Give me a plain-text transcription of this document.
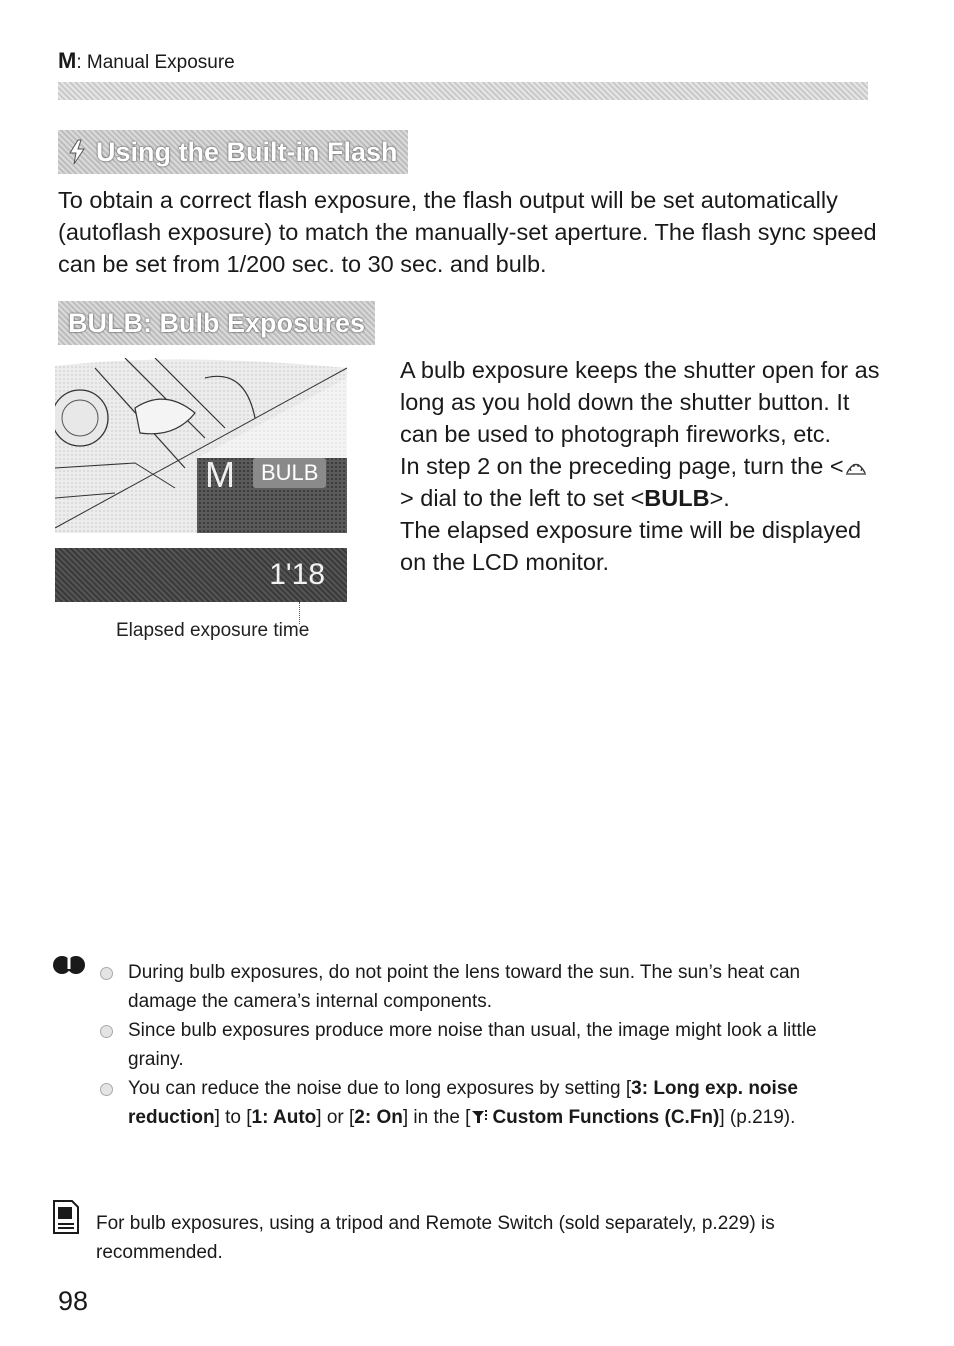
M: Manual Exposure
Using the Built-in Flash
To obtain a correct flash exposure, the flash output will be set automatically (autoflash exposure) to match the manually-set aperture. The flash sync speed can be set from 1/200 sec. to 30 sec. and bulb.
BULB: Bulb Exposures
M	BULB
1'18
Elapsed exposure time
A bulb exposure keeps the shutter open for as long as you hold down the shutter button. It can be used to photograph fireworks, etc.
In step 2 on the preceding page, turn the <> dial to the left to set <BULB>.
The elapsed exposure time will be displayed on the LCD monitor.
During bulb exposures, do not point the lens toward the sun. The sun’s heat can damage the camera’s internal components.
Since bulb exposures produce more noise than usual, the image might look a little grainy.
You can reduce the noise due to long exposures by setting [3: Long exp. noise reduction] to [1: Auto] or [2: On] in the [ Custom Functions (C.Fn)] (p.219).
For bulb exposures, using a tripod and Remote Switch (sold separately, p.229) is recommended.
98
